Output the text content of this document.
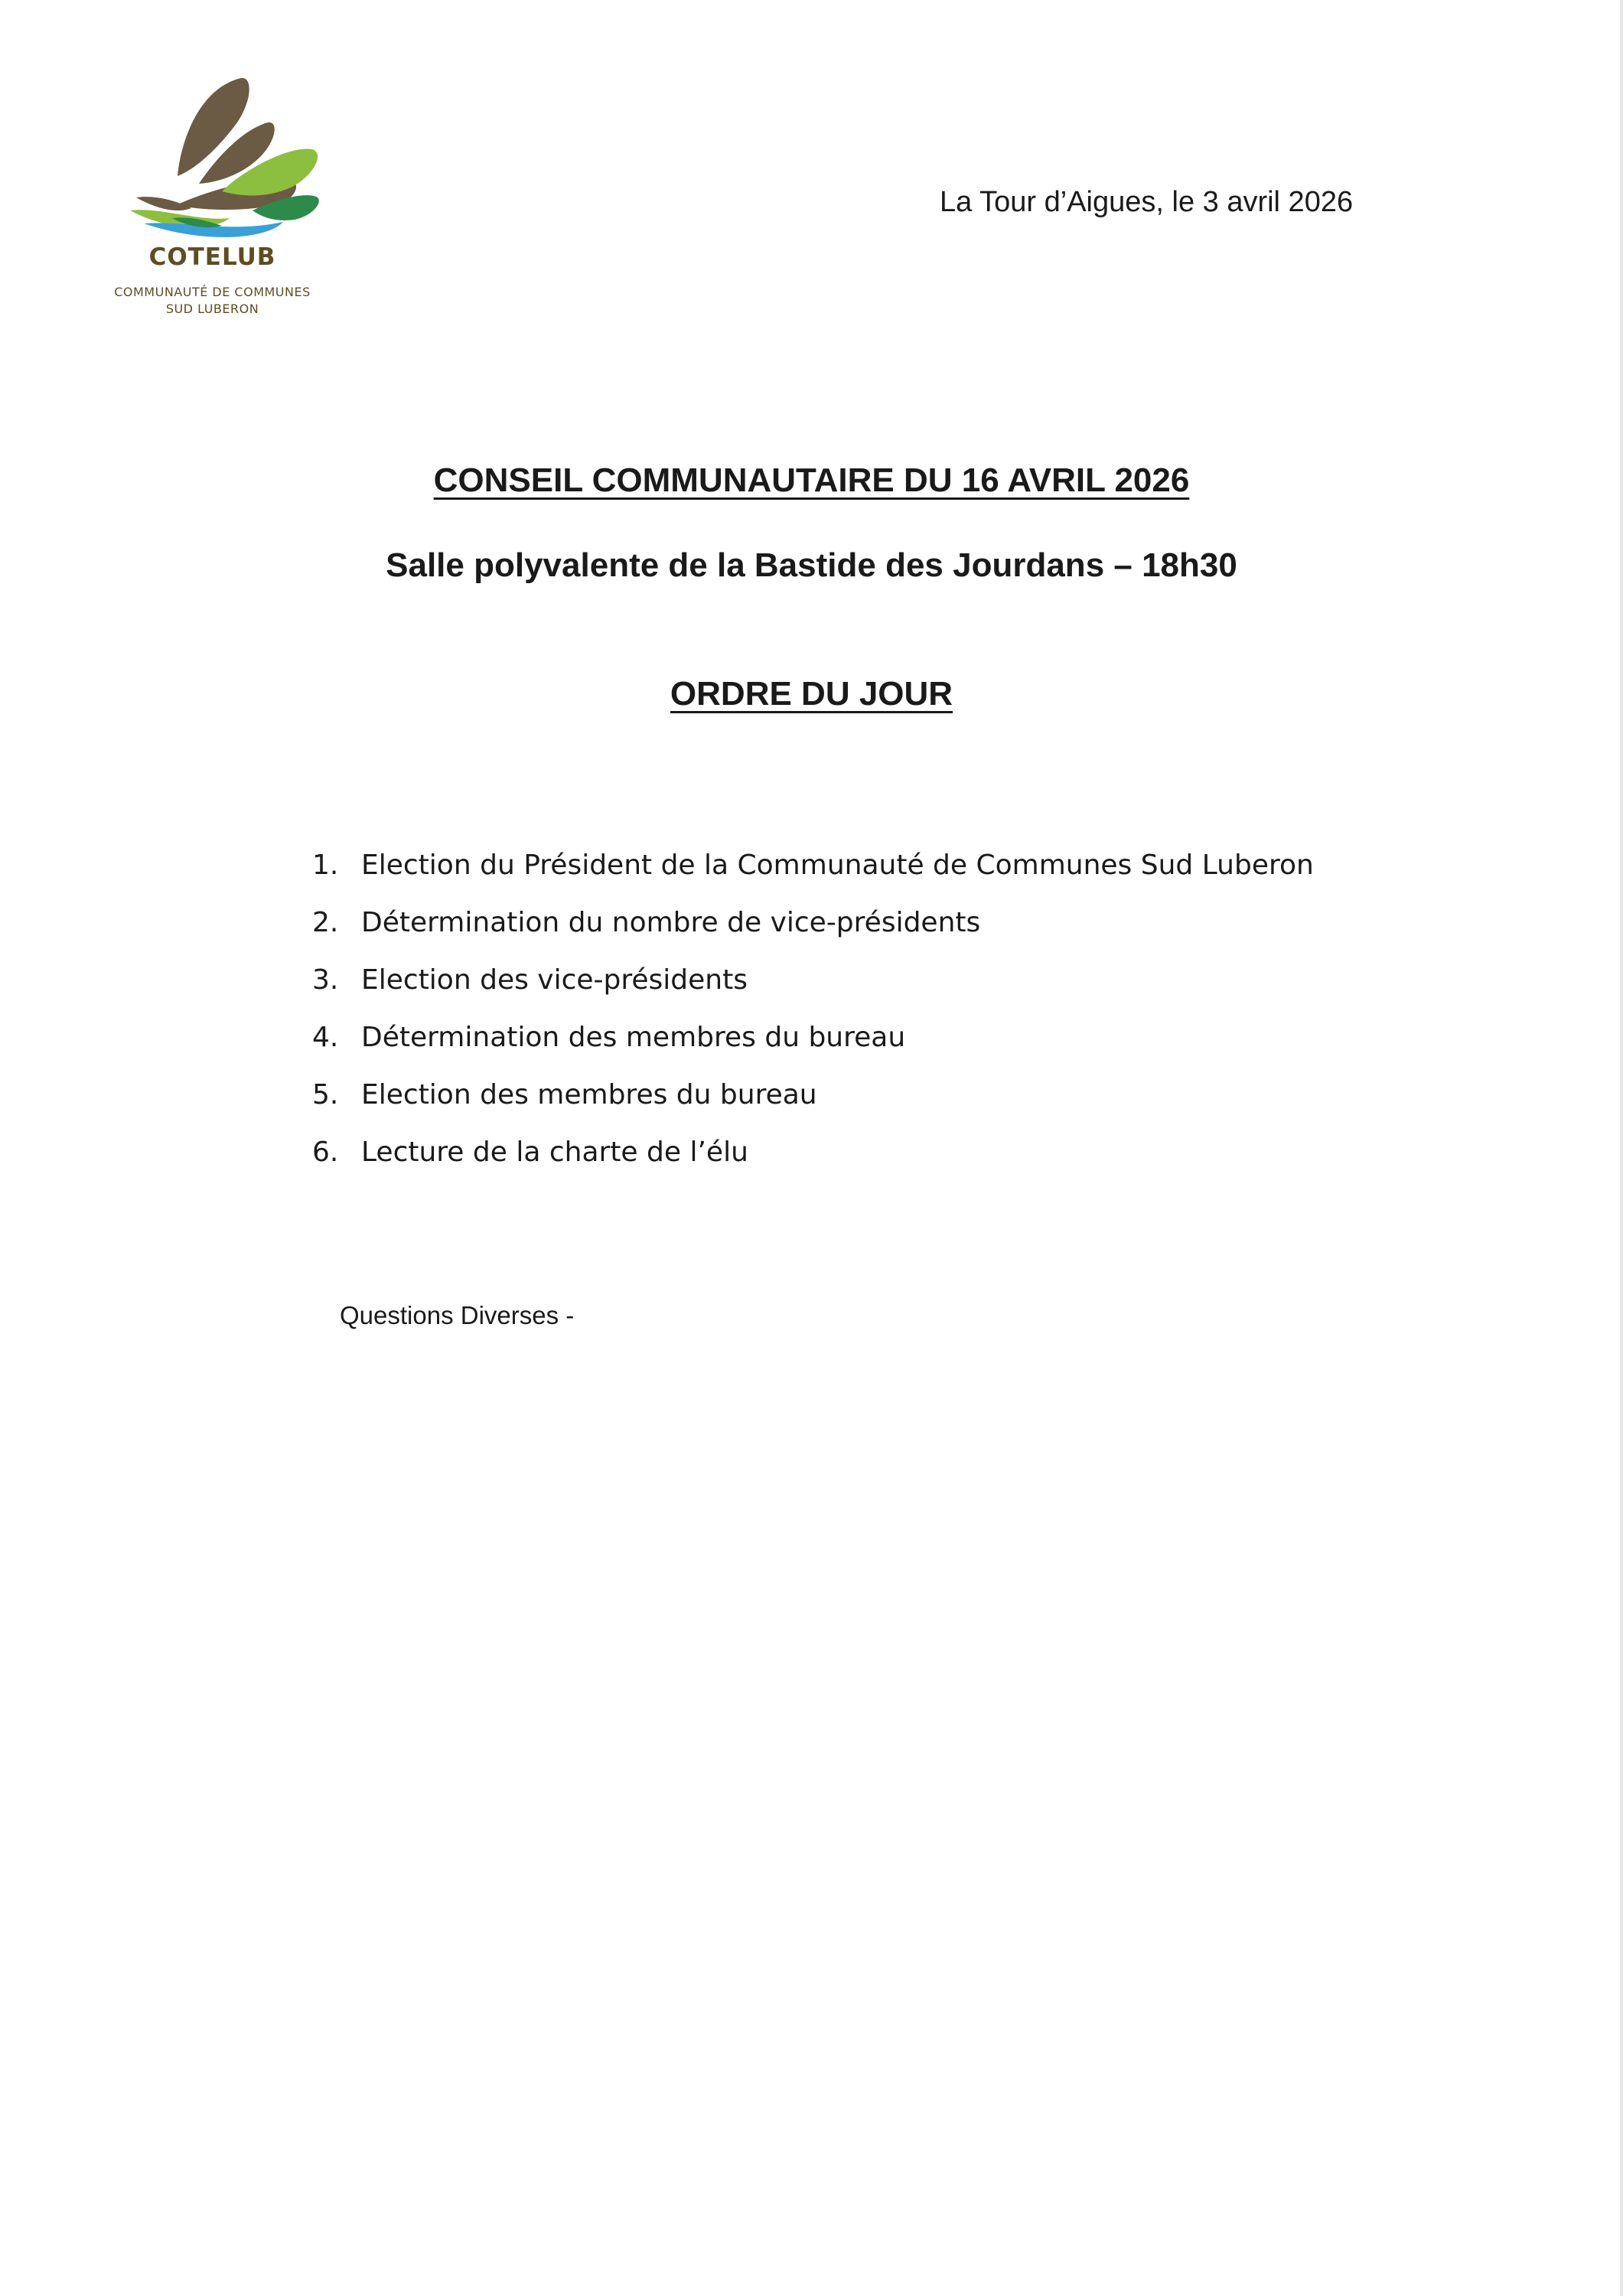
COTELUB
COMMUNAUTÉ DE COMMUNES
SUD LUBERON
La Tour d’Aigues, le 3 avril 2026
CONSEIL COMMUNAUTAIRE DU 16 AVRIL 2026
Salle polyvalente de la Bastide des Jourdans – 18h30
ORDRE DU JOUR
1. Election du Président de la Communauté de Communes Sud Luberon
2. Détermination du nombre de vice-présidents
3. Election des vice-présidents
4. Détermination des membres du bureau
5. Election des membres du bureau
6. Lecture de la charte de l’élu
Questions Diverses -
